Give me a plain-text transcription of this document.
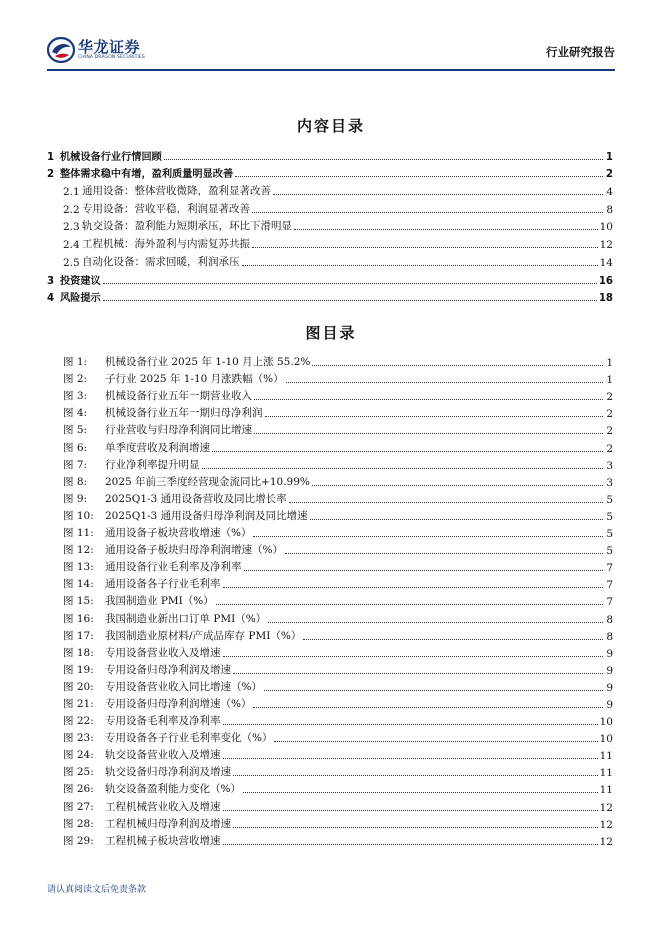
华龙证券
CHINA DRAGON SECURITIES	行业研究报告
内容目录
1 机械设备行业行情回顾	1
2 整体需求稳中有增，盈利质量明显改善	2
2.1 通用设备：整体营收微降，盈利显著改善	4
2.2 专用设备：营收平稳，利润显著改善	8
2.3 轨交设备：盈利能力短期承压，环比下滑明显	10
2.4 工程机械：海外盈利与内需复苏共振	12
2.5 自动化设备：需求回暖，利润承压	14
3 投资建议	16
4 风险提示	18
图目录
图 1:	机械设备行业 2025 年 1-10 月上涨 55.2%	1
图 2:	子行业 2025 年 1-10 月涨跌幅（%）	1
图 3:	机械设备行业五年一期营业收入	2
图 4:	机械设备行业五年一期归母净利润	2
图 5:	行业营收与归母净利润同比增速	2
图 6:	单季度营收及利润增速	2
图 7:	行业净利率提升明显	3
图 8:	2025 年前三季度经营现金流同比+10.99%	3
图 9:	2025Q1-3 通用设备营收及同比增长率	5
图 10:	2025Q1-3 通用设备归母净利润及同比增速	5
图 11:	通用设备子板块营收增速（%）	5
图 12:	通用设备子板块归母净利润增速（%）	5
图 13:	通用设备行业毛利率及净利率	7
图 14:	通用设备各子行业毛利率	7
图 15:	我国制造业 PMI（%）	7
图 16:	我国制造业新出口订单 PMI（%）	8
图 17:	我国制造业原材料/产成品库存 PMI（%）	8
图 18:	专用设备营业收入及增速	9
图 19:	专用设备归母净利润及增速	9
图 20:	专用设备营业收入同比增速（%）	9
图 21:	专用设备归母净利润增速（%）	9
图 22:	专用设备毛利率及净利率	10
图 23:	专用设备各子行业毛利率变化（%）	10
图 24:	轨交设备营业收入及增速	11
图 25:	轨交设备归母净利润及增速	11
图 26:	轨交设备盈利能力变化（%）	11
图 27:	工程机械营业收入及增速	12
图 28:	工程机械归母净利润及增速	12
图 29:	工程机械子板块营收增速	12
请认真阅读文后免责条款
